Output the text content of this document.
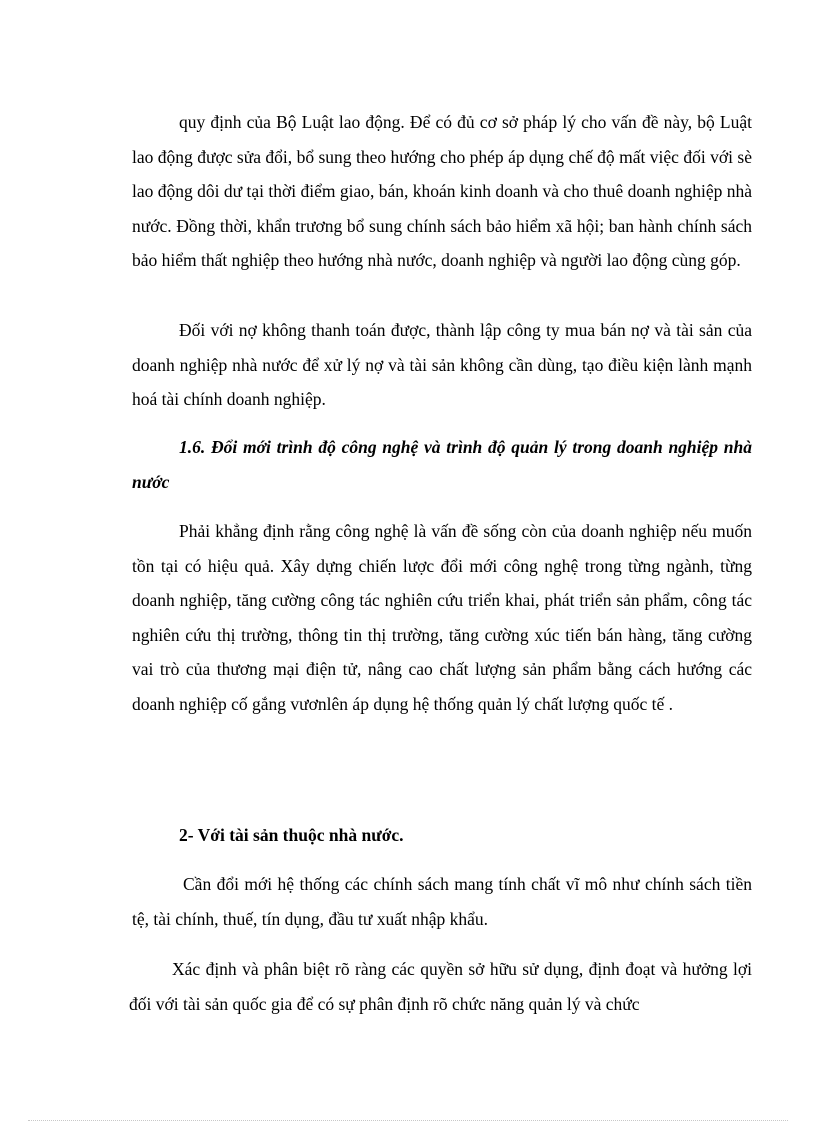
quy định của Bộ Luật lao động. Để có đủ cơ sở pháp lý cho vấn đề này, bộ Luật lao động được sửa đổi, bổ sung theo hướng cho phép áp dụng chế độ mất việc đối với sè lao động dôi dư tại thời điểm giao, bán, khoán kinh doanh và cho thuê doanh nghiệp nhà nước. Đồng thời, khẩn trương bổ sung chính sách bảo hiểm xã hội; ban hành chính sách bảo hiểm thất nghiệp theo hướng nhà nước, doanh nghiệp và người lao động cùng góp.

Đối với nợ không thanh toán được, thành lập công ty mua bán nợ và tài sản của doanh nghiệp nhà nước để xử lý nợ và tài sản không cần dùng, tạo điều kiện lành mạnh hoá tài chính doanh nghiệp.

1.6. Đổi mới trình độ công nghệ và trình độ quản lý trong doanh nghiệp nhà nước

Phải khẳng định rằng công nghệ là vấn đề sống còn của doanh nghiệp nếu muốn tồn tại có hiệu quả. Xây dựng chiến lược đổi mới công nghệ trong từng ngành, từng doanh nghiệp, tăng cường công tác nghiên cứu triển khai, phát triển sản phẩm, công tác nghiên cứu thị trường, thông tin thị trường, tăng cường xúc tiến bán hàng, tăng cường vai trò của thương mại điện tử, nâng cao chất lượng sản phẩm bằng cách hướng các doanh nghiệp cố gắng vươnlên áp dụng hệ thống quản lý chất lượng quốc tế .

2- Với tài sản thuộc nhà nước.

Cần đổi mới hệ thống các chính sách mang tính chất vĩ mô như chính sách tiền tệ, tài chính, thuế, tín dụng, đầu tư xuất nhập khẩu.

Xác định và phân biệt rõ ràng các quyền sở hữu sử dụng, định đoạt và hưởng lợi đối với tài sản quốc gia để có sự phân định rõ chức năng quản lý và chức
